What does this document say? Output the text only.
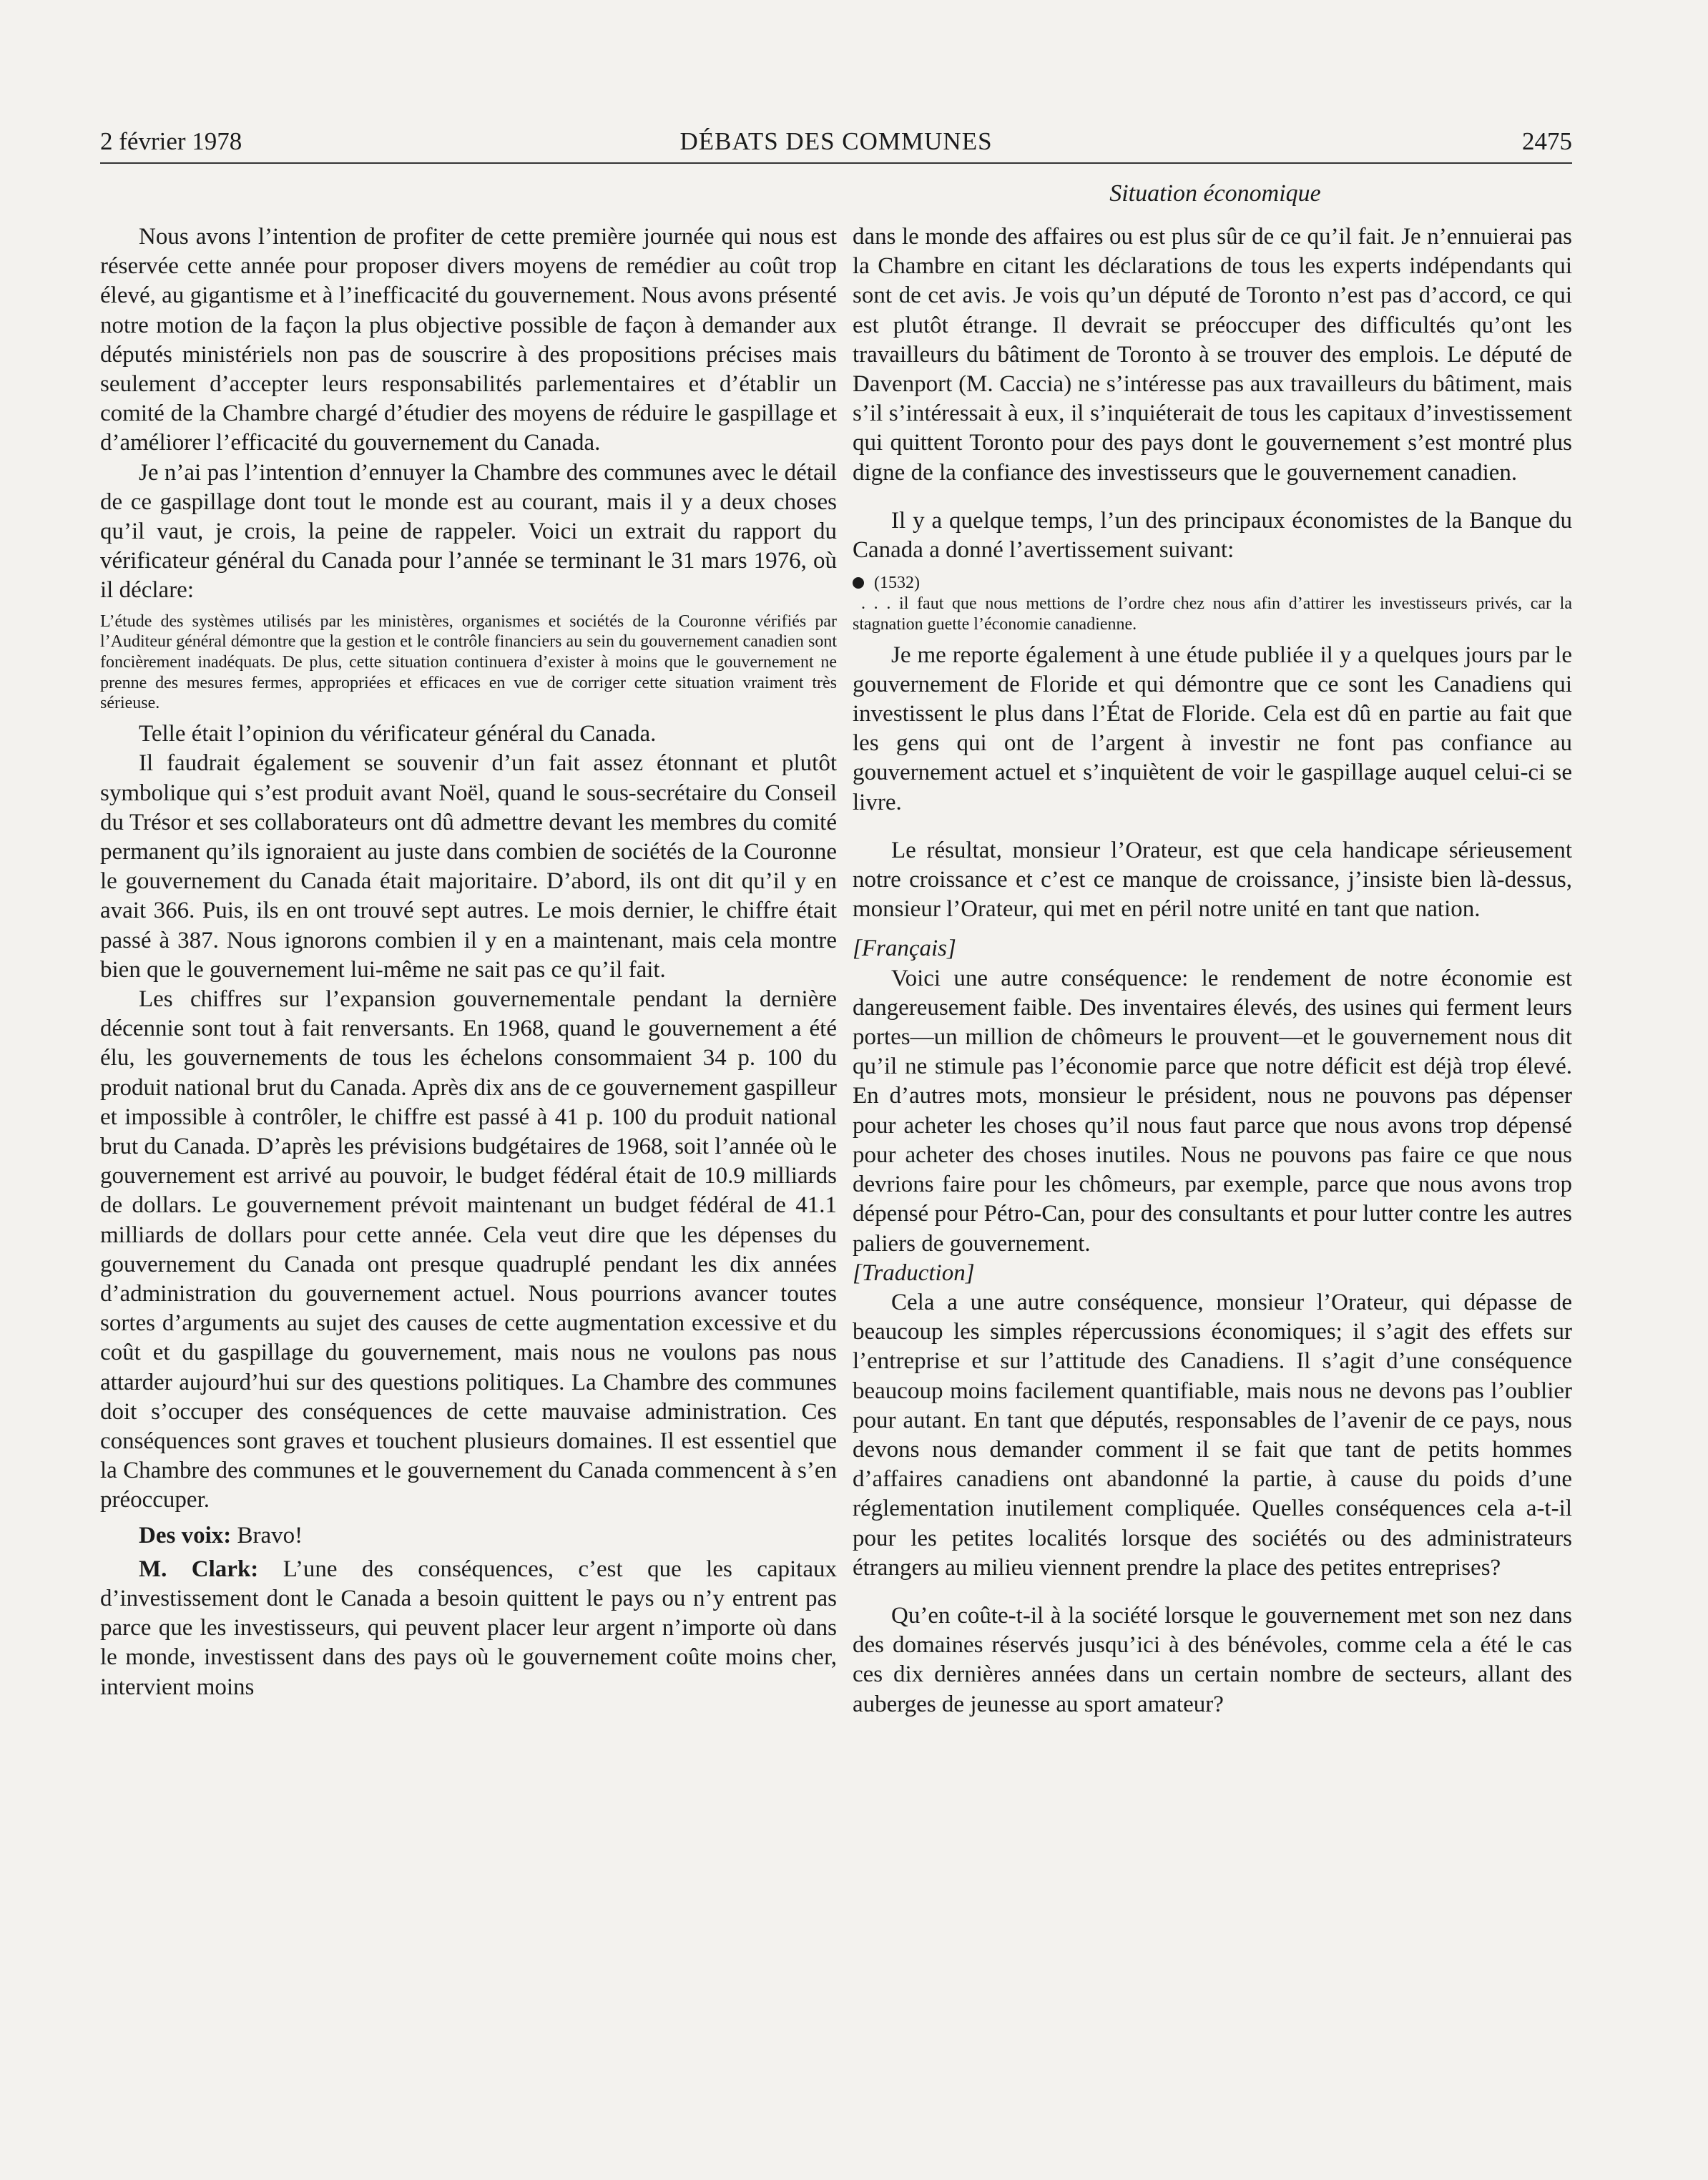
2 février 1978	DÉBATS DES COMMUNES	2475
Situation économique

Nous avons l’intention de profiter de cette première journée qui nous est réservée cette année pour proposer divers moyens de remédier au coût trop élevé, au gigantisme et à l’inefficacité du gouvernement. Nous avons présenté notre motion de la façon la plus objective possible de façon à demander aux députés ministériels non pas de souscrire à des propositions précises mais seulement d’accepter leurs responsabilités parlementaires et d’établir un comité de la Chambre chargé d’étudier des moyens de réduire le gaspillage et d’améliorer l’efficacité du gouvernement du Canada.

Je n’ai pas l’intention d’ennuyer la Chambre des communes avec le détail de ce gaspillage dont tout le monde est au courant, mais il y a deux choses qu’il vaut, je crois, la peine de rappeler. Voici un extrait du rapport du vérificateur général du Canada pour l’année se terminant le 31 mars 1976, où il déclare:

L’étude des systèmes utilisés par les ministères, organismes et sociétés de la Couronne vérifiés par l’Auditeur général démontre que la gestion et le contrôle financiers au sein du gouvernement canadien sont foncièrement inadéquats. De plus, cette situation continuera d’exister à moins que le gouvernement ne prenne des mesures fermes, appropriées et efficaces en vue de corriger cette situation vraiment très sérieuse.

Telle était l’opinion du vérificateur général du Canada.

Il faudrait également se souvenir d’un fait assez étonnant et plutôt symbolique qui s’est produit avant Noël, quand le sous-secrétaire du Conseil du Trésor et ses collaborateurs ont dû admettre devant les membres du comité permanent qu’ils ignoraient au juste dans combien de sociétés de la Couronne le gouvernement du Canada était majoritaire. D’abord, ils ont dit qu’il y en avait 366. Puis, ils en ont trouvé sept autres. Le mois dernier, le chiffre était passé à 387. Nous ignorons combien il y en a maintenant, mais cela montre bien que le gouvernement lui-même ne sait pas ce qu’il fait.

Les chiffres sur l’expansion gouvernementale pendant la dernière décennie sont tout à fait renversants. En 1968, quand le gouvernement a été élu, les gouvernements de tous les échelons consommaient 34 p. 100 du produit national brut du Canada. Après dix ans de ce gouvernement gaspilleur et impossible à contrôler, le chiffre est passé à 41 p. 100 du produit national brut du Canada. D’après les prévisions budgétaires de 1968, soit l’année où le gouvernement est arrivé au pouvoir, le budget fédéral était de 10.9 milliards de dollars. Le gouvernement prévoit maintenant un budget fédéral de 41.1 milliards de dollars pour cette année. Cela veut dire que les dépenses du gouvernement du Canada ont presque quadruplé pendant les dix années d’administration du gouvernement actuel. Nous pourrions avancer toutes sortes d’arguments au sujet des causes de cette augmentation excessive et du coût et du gaspillage du gouvernement, mais nous ne voulons pas nous attarder aujourd’hui sur des questions politiques. La Chambre des communes doit s’occuper des conséquences de cette mauvaise administration. Ces conséquences sont graves et touchent plusieurs domaines. Il est essentiel que la Chambre des communes et le gouvernement du Canada commencent à s’en préoccuper.

Des voix: Bravo!

M. Clark: L’une des conséquences, c’est que les capitaux d’investissement dont le Canada a besoin quittent le pays ou n’y entrent pas parce que les investisseurs, qui peuvent placer leur argent n’importe où dans le monde, investissent dans des pays où le gouvernement coûte moins cher, intervient moins

dans le monde des affaires ou est plus sûr de ce qu’il fait. Je n’ennuierai pas la Chambre en citant les déclarations de tous les experts indépendants qui sont de cet avis. Je vois qu’un député de Toronto n’est pas d’accord, ce qui est plutôt étrange. Il devrait se préoccuper des difficultés qu’ont les travailleurs du bâtiment de Toronto à se trouver des emplois. Le député de Davenport (M. Caccia) ne s’intéresse pas aux travailleurs du bâtiment, mais s’il s’intéressait à eux, il s’inquiéterait de tous les capitaux d’investissement qui quittent Toronto pour des pays dont le gouvernement s’est montré plus digne de la confiance des investisseurs que le gouvernement canadien.

Il y a quelque temps, l’un des principaux économistes de la Banque du Canada a donné l’avertissement suivant:

(1532)

. . . il faut que nous mettions de l’ordre chez nous afin d’attirer les investisseurs privés, car la stagnation guette l’économie canadienne.

Je me reporte également à une étude publiée il y a quelques jours par le gouvernement de Floride et qui démontre que ce sont les Canadiens qui investissent le plus dans l’État de Floride. Cela est dû en partie au fait que les gens qui ont de l’argent à investir ne font pas confiance au gouvernement actuel et s’inquiètent de voir le gaspillage auquel celui-ci se livre.

Le résultat, monsieur l’Orateur, est que cela handicape sérieusement notre croissance et c’est ce manque de croissance, j’insiste bien là-dessus, monsieur l’Orateur, qui met en péril notre unité en tant que nation.

[Français]

Voici une autre conséquence: le rendement de notre économie est dangereusement faible. Des inventaires élevés, des usines qui ferment leurs portes—un million de chômeurs le prouvent—et le gouvernement nous dit qu’il ne stimule pas l’économie parce que notre déficit est déjà trop élevé. En d’autres mots, monsieur le président, nous ne pouvons pas dépenser pour acheter les choses qu’il nous faut parce que nous avons trop dépensé pour acheter des choses inutiles. Nous ne pouvons pas faire ce que nous devrions faire pour les chômeurs, par exemple, parce que nous avons trop dépensé pour Pétro-Can, pour des consultants et pour lutter contre les autres paliers de gouvernement.

[Traduction]

Cela a une autre conséquence, monsieur l’Orateur, qui dépasse de beaucoup les simples répercussions économiques; il s’agit des effets sur l’entreprise et sur l’attitude des Canadiens. Il s’agit d’une conséquence beaucoup moins facilement quantifiable, mais nous ne devons pas l’oublier pour autant. En tant que députés, responsables de l’avenir de ce pays, nous devons nous demander comment il se fait que tant de petits hommes d’affaires canadiens ont abandonné la partie, à cause du poids d’une réglementation inutilement compliquée. Quelles conséquences cela a-t-il pour les petites localités lorsque des sociétés ou des administrateurs étrangers au milieu viennent prendre la place des petites entreprises?

Qu’en coûte-t-il à la société lorsque le gouvernement met son nez dans des domaines réservés jusqu’ici à des bénévoles, comme cela a été le cas ces dix dernières années dans un certain nombre de secteurs, allant des auberges de jeunesse au sport amateur?
